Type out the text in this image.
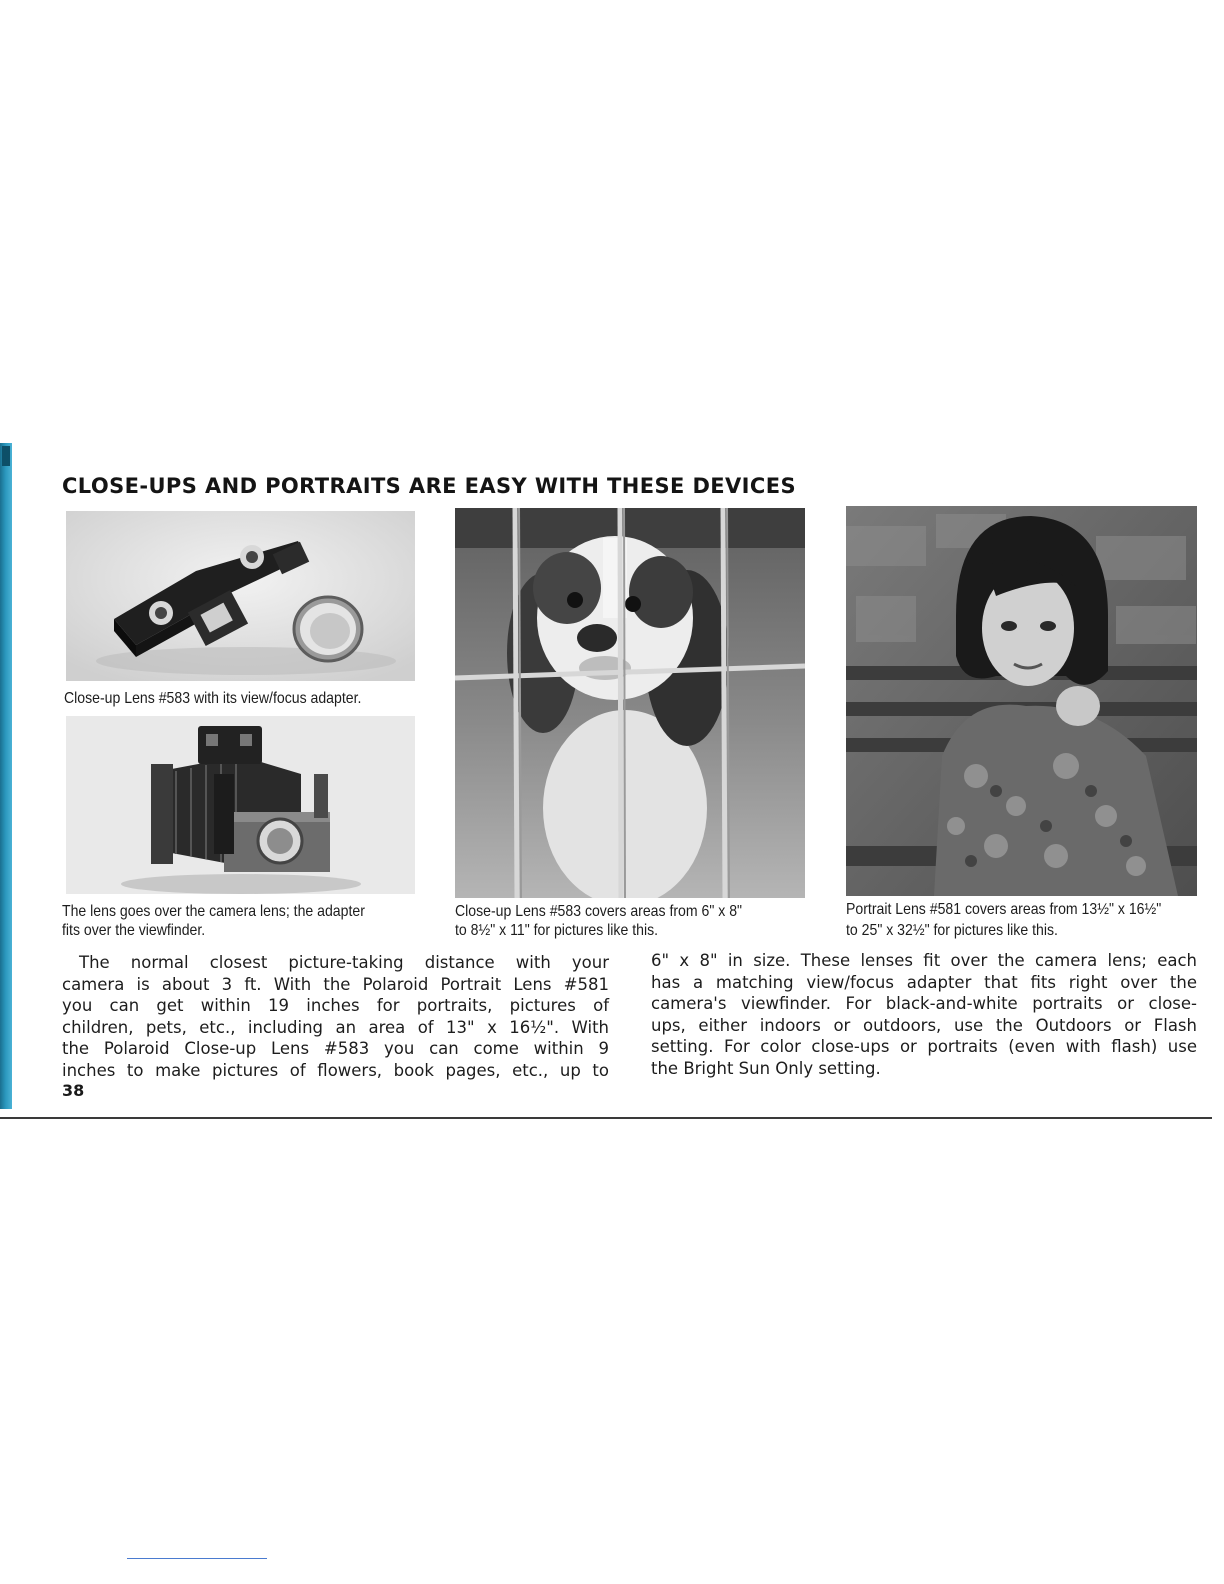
CLOSE-UPS AND PORTRAITS ARE EASY WITH THESE DEVICES

Close-up Lens #583 with its view/focus adapter.

The lens goes over the camera lens; the adapter

fits over the viewfinder.

Close-up Lens #583 covers areas from 6" x 8"

to 8½" x 11" for pictures like this.

Portrait Lens #581 covers areas from 13½" x 16½"

to 25" x 32½" for pictures like this.

The normal closest picture-taking distance with your
camera is about 3 ft. With the Polaroid Portrait Lens #581
you can get within 19 inches for portraits, pictures of
children, pets, etc., including an area of 13" x 16½". With
the Polaroid Close-up Lens #583 you can come within 9
inches to make pictures of flowers, book pages, etc., up to
6" x 8" in size. These lenses fit over the camera lens; each
has a matching view/focus adapter that fits right over the
camera's viewfinder. For black-and-white portraits or close-
ups, either indoors or outdoors, use the Outdoors or Flash
setting. For color close-ups or portraits (even with flash) use
the Bright Sun Only setting.
38
